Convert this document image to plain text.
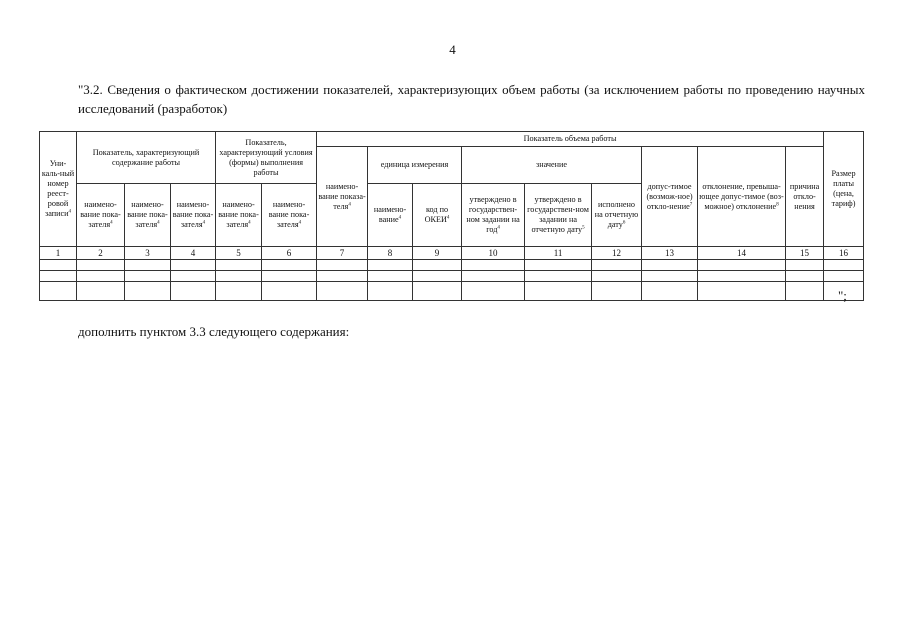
4
"3.2. Сведения о фактическом достижении показателей, характеризующих объем работы (за исключением работы по проведению научных исследований (разработок)
Уни-каль-ный номер реест-ровой записи$^4$	Показатель, характеризующий содержание работы			Показатель, характеризующий условия (формы) выполнения работы		Показатель объема работы									Размер платы (цена, тариф)
						наимено-вание показа-теля$^4$	единица измерения		значение			допус-тимое (возмож-ное) откло-нение$^7$	отклонение, превыша-ющее допус-тимое (воз-можное) отклонение$^8$	причина откло-нения	
	наимено-вание пока-зателя$^4$	наимено-вание пока-зателя$^4$	наимено-вание пока-зателя$^4$	наимено-вание пока-зателя$^4$	наимено-вание пока-зателя$^4$		наимено-вание$^4$	код по ОКЕИ$^4$	утверждено в государствен-ном задании на год$^4$	утверждено в государствен-ном задании на отчетную дату$^5$	исполнено на отчетную дату$^6$
1	2	3	4	5	6	7	8	9	10	11	12	13	14	15	16

";
дополнить пунктом 3.3 следующего содержания:
